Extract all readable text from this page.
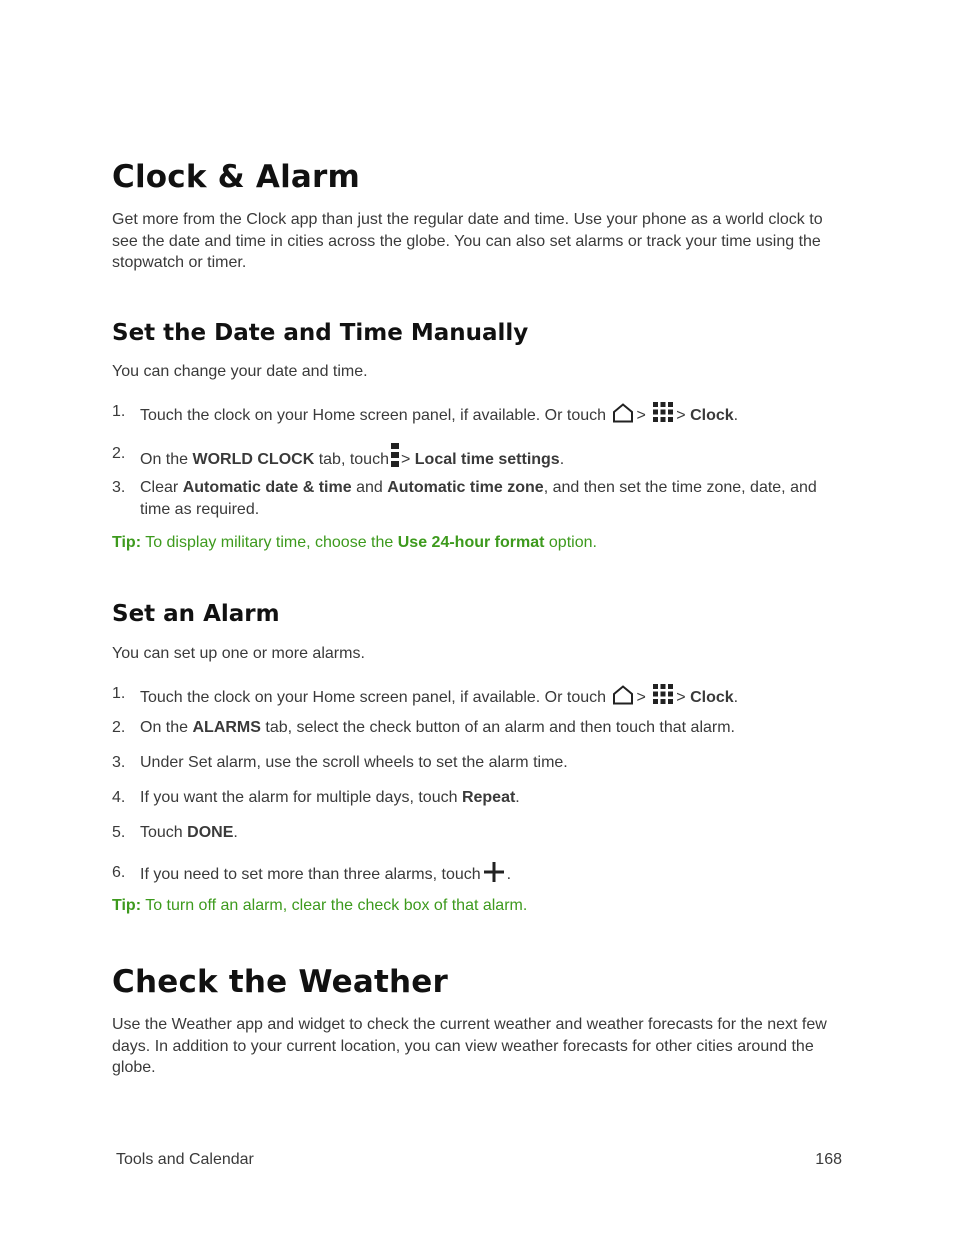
Clock & Alarm

Get more from the Clock app than just the regular date and time. Use your phone as a world clock to see the date and time in cities across the globe. You can also set alarms or track your time using the stopwatch or timer.

Set the Date and Time Manually

You can change your date and time.

1. Touch the clock on your Home screen panel, if available. Or touch > > Clock.
2. On the WORLD CLOCK tab, touch > Local time settings.
3. Clear Automatic date & time and Automatic time zone, and then set the time zone, date, and time as required.
Tip: To display military time, choose the Use 24-hour format option.
Set an Alarm

You can set up one or more alarms.

1. Touch the clock on your Home screen panel, if available. Or touch > > Clock.
2. On the ALARMS tab, select the check button of an alarm and then touch that alarm.
3. Under Set alarm, use the scroll wheels to set the alarm time.
4. If you want the alarm for multiple days, touch Repeat.
5. Touch DONE.
6. If you need to set more than three alarms, touch .
Tip: To turn off an alarm, clear the check box of that alarm.
Check the Weather

Use the Weather app and widget to check the current weather and weather forecasts for the next few days. In addition to your current location, you can view weather forecasts for other cities around the globe.

Tools and Calendar	168
